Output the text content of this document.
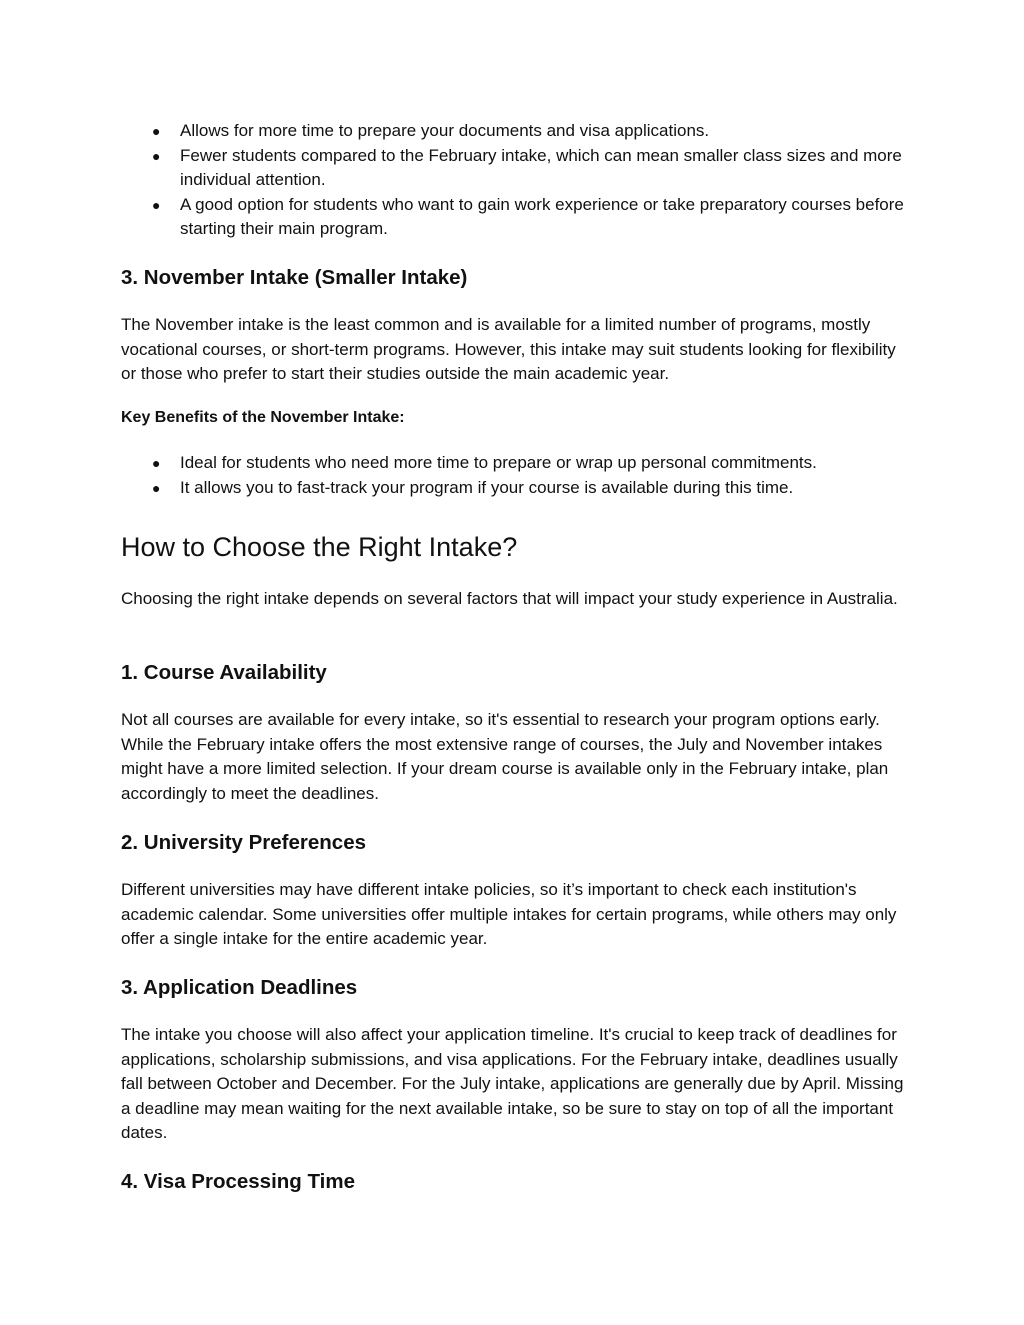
● Allows for more time to prepare your documents and visa applications.
● Fewer students compared to the February intake, which can mean smaller class sizes and more individual attention.
● A good option for students who want to gain work experience or take preparatory courses before starting their main program.
3. November Intake (Smaller Intake)

The November intake is the least common and is available for a limited number of programs, mostly vocational courses, or short-term programs. However, this intake may suit students looking for flexibility or those who prefer to start their studies outside the main academic year.

Key Benefits of the November Intake:
● Ideal for students who need more time to prepare or wrap up personal commitments.
● It allows you to fast-track your program if your course is available during this time.
How to Choose the Right Intake?

Choosing the right intake depends on several factors that will impact your study experience in Australia.

1. Course Availability

Not all courses are available for every intake, so it's essential to research your program options early. While the February intake offers the most extensive range of courses, the July and November intakes might have a more limited selection. If your dream course is available only in the February intake, plan accordingly to meet the deadlines.

2. University Preferences

Different universities may have different intake policies, so it’s important to check each institution's academic calendar. Some universities offer multiple intakes for certain programs, while others may only offer a single intake for the entire academic year.

3. Application Deadlines

The intake you choose will also affect your application timeline. It's crucial to keep track of deadlines for applications, scholarship submissions, and visa applications. For the February intake, deadlines usually fall between October and December. For the July intake, applications are generally due by April. Missing a deadline may mean waiting for the next available intake, so be sure to stay on top of all the important dates.

4. Visa Processing Time
